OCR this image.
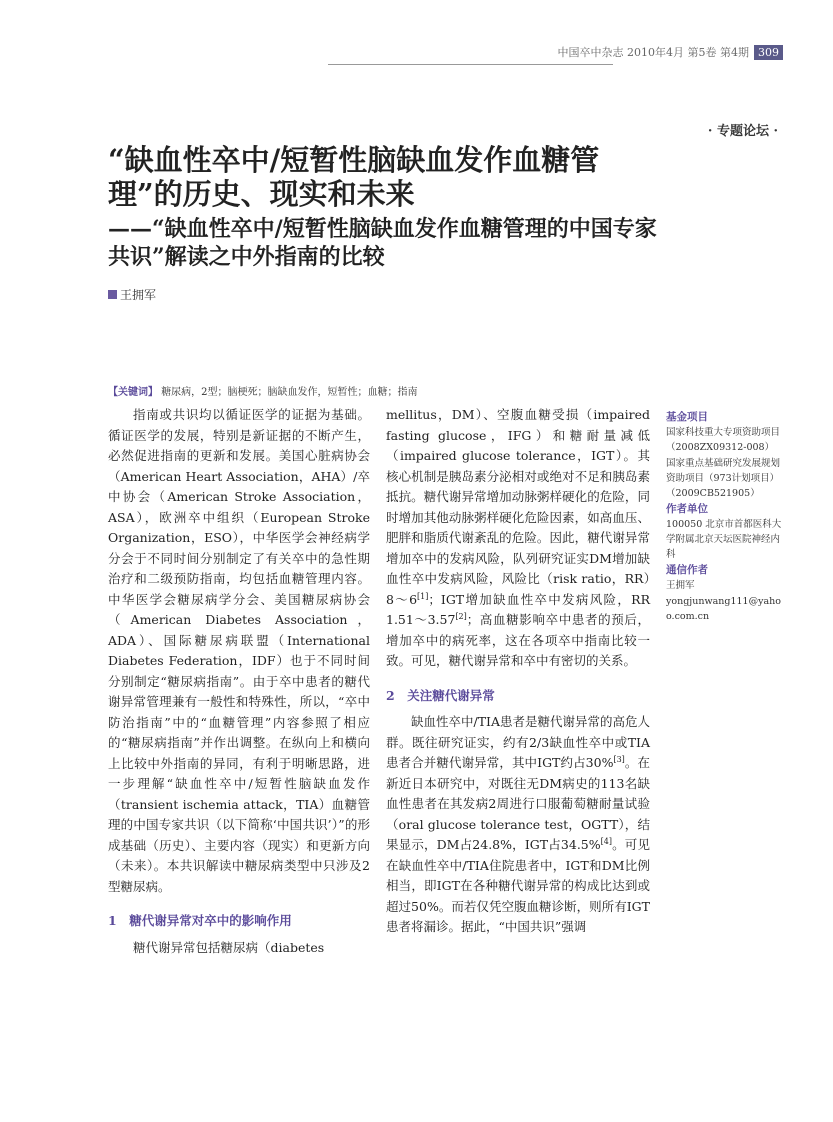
中国卒中杂志 2010年4月 第5卷 第4期 309
· 专题论坛 ·
“缺血性卒中/短暂性脑缺血发作血糖管理”的历史、现实和未来
——“缺血性卒中/短暂性脑缺血发作血糖管理的中国专家共识”解读之中外指南的比较
王拥军
【关键词】 糖尿病，2型；脑梗死；脑缺血发作，短暂性；血糖；指南

指南或共识均以循证医学的证据为基础。循证医学的发展，特别是新证据的不断产生，必然促进指南的更新和发展。美国心脏病协会（American Heart Association，AHA）/卒中协会（American Stroke Association，ASA），欧洲卒中组织（European Stroke Organization，ESO），中华医学会神经病学分会于不同时间分别制定了有关卒中的急性期治疗和二级预防指南，均包括血糖管理内容。中华医学会糖尿病学分会、美国糖尿病协会（American Diabetes Association，ADA）、国际糖尿病联盟（International Diabetes Federation，IDF）也于不同时间分别制定“糖尿病指南”。由于卒中患者的糖代谢异常管理兼有一般性和特殊性，所以，“卒中防治指南”中的“血糖管理”内容参照了相应的“糖尿病指南”并作出调整。在纵向上和横向上比较中外指南的异同，有利于明晰思路，进一步理解“缺血性卒中/短暂性脑缺血发作（transient ischemia attack，TIA）血糖管理的中国专家共识（以下简称‘中国共识’）”的形成基础（历史）、主要内容（现实）和更新方向（未来）。本共识解读中糖尿病类型中只涉及2型糖尿病。

1　糖代谢异常对卒中的影响作用

糖代谢异常包括糖尿病（diabetes

mellitus，DM）、空腹血糖受损（impaired fasting glucose，IFG）和糖耐量减低（impaired glucose tolerance，IGT）。其核心机制是胰岛素分泌相对或绝对不足和胰岛素抵抗。糖代谢异常增加动脉粥样硬化的危险，同时增加其他动脉粥样硬化危险因素，如高血压、肥胖和脂质代谢紊乱的危险。因此，糖代谢异常增加卒中的发病风险，队列研究证实DM增加缺血性卒中发病风险，风险比（risk ratio，RR）8～6[1]；IGT增加缺血性卒中发病风险，RR 1.51～3.57[2]；高血糖影响卒中患者的预后，增加卒中的病死率，这在各项卒中指南比较一致。可见，糖代谢异常和卒中有密切的关系。

2　关注糖代谢异常

缺血性卒中/TIA患者是糖代谢异常的高危人群。既往研究证实，约有2/3缺血性卒中或TIA患者合并糖代谢异常，其中IGT约占30%[3]。在新近日本研究中，对既往无DM病史的113名缺血性患者在其发病2周进行口服葡萄糖耐量试验（oral glucose tolerance test，OGTT），结果显示，DM占24.8%，IGT占34.5%[4]。可见在缺血性卒中/TIA住院患者中，IGT和DM比例相当，即IGT在各种糖代谢异常的构成比达到或超过50%。而若仅凭空腹血糖诊断，则所有IGT患者将漏诊。据此，“中国共识”强调

基金项目
国家科技重大专项资助项目（2008ZX09312-008）
国家重点基础研究发展规划资助项目（973计划项目）（2009CB521905）
作者单位
100050 北京市首都医科大学附属北京天坛医院神经内科
通信作者
王拥军
yongjunwang111@yahoo.com.cn
